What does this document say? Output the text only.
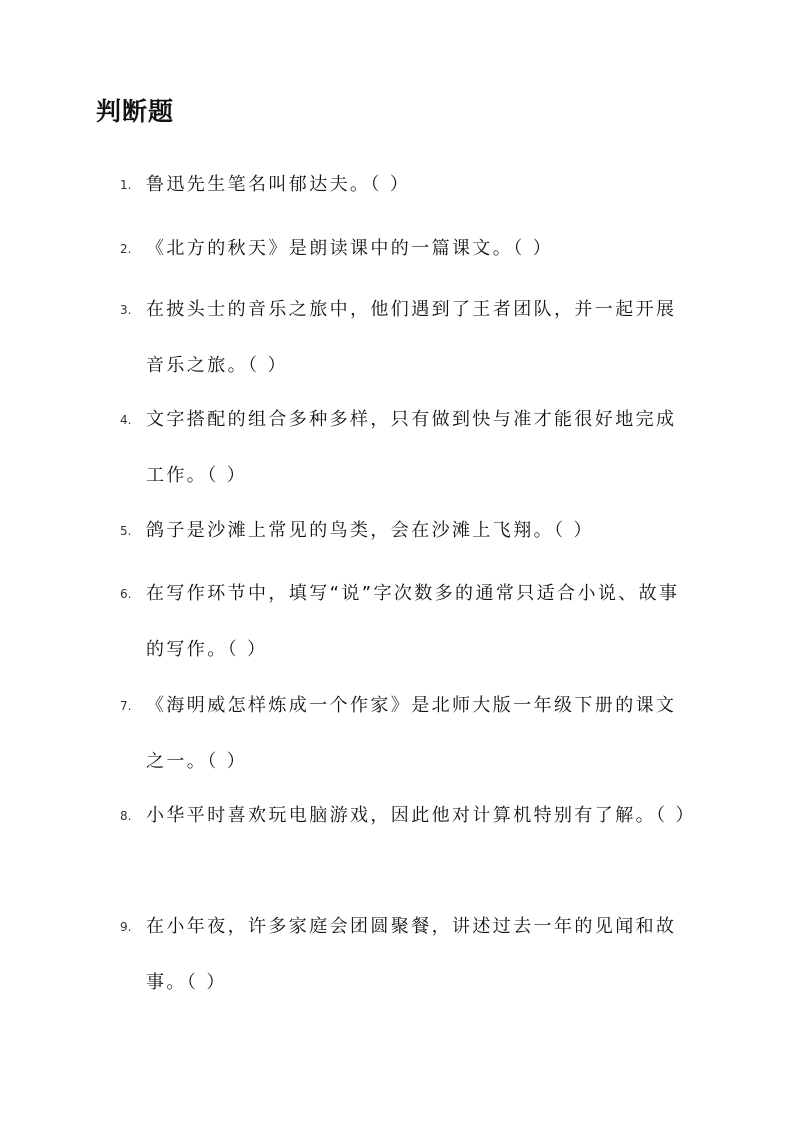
判断题
1. 鲁迅先生笔名叫郁达夫。（ ）
2. 《北方的秋天》是朗读课中的一篇课文。（ ）
3. 在披头士的音乐之旅中，他们遇到了王者团队，并一起开展音乐之旅。（ ）
4. 文字搭配的组合多种多样，只有做到快与准才能很好地完成工作。（ ）
5. 鸽子是沙滩上常见的鸟类，会在沙滩上飞翔。（ ）
6. 在写作环节中，填写“说”字次数多的通常只适合小说、故事的写作。（ ）
7. 《海明威怎样炼成一个作家》是北师大版一年级下册的课文之一。（ ）
8. 小华平时喜欢玩电脑游戏，因此他对计算机特别有了解。（ ）
9. 在小年夜，许多家庭会团圆聚餐，讲述过去一年的见闻和故事。（ ）
